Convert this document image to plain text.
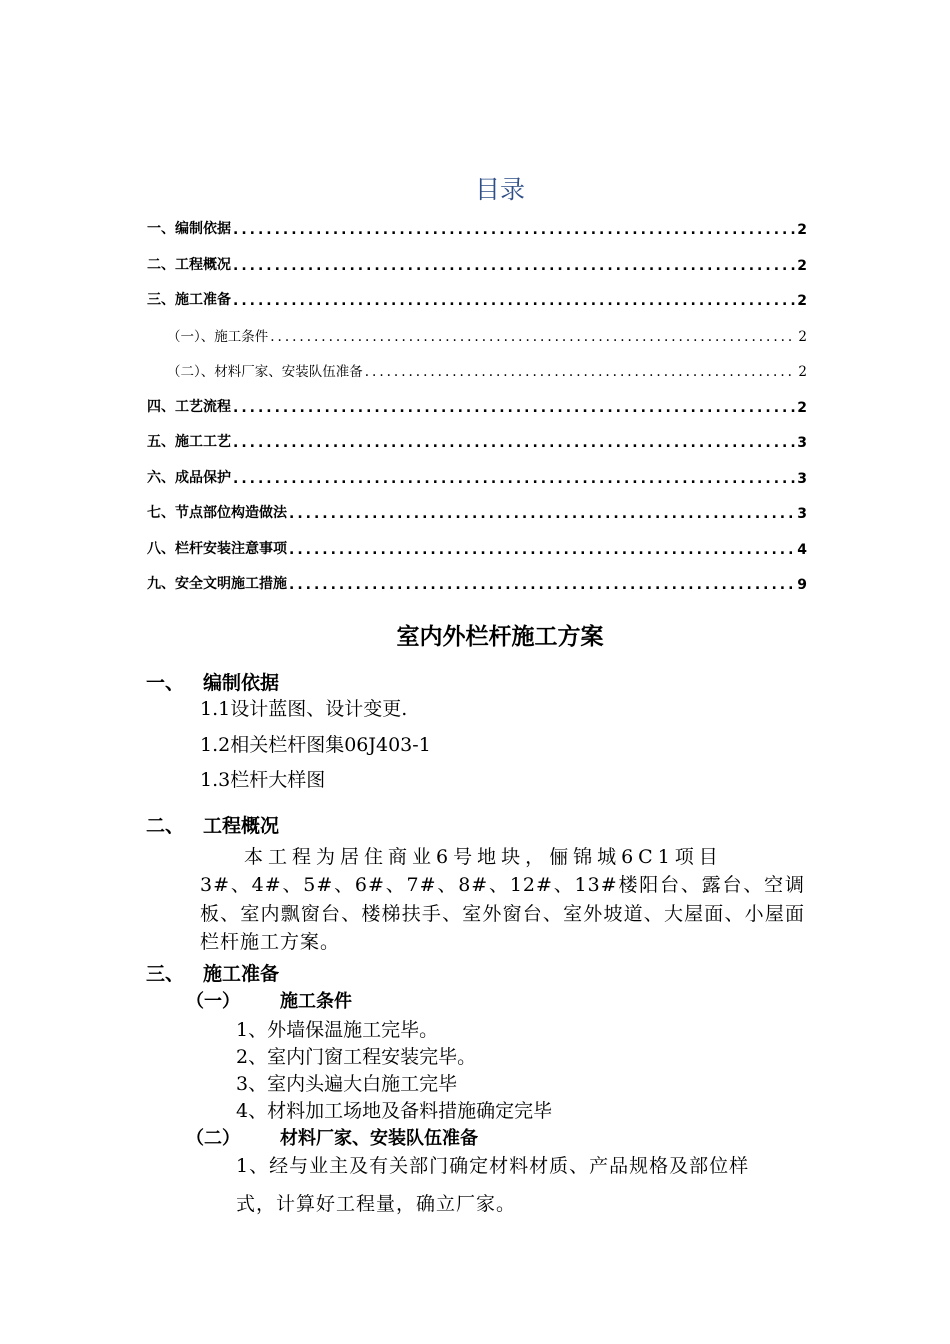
目录
一、编制依据 .....	2
二、工程概况 .....	2
三、施工准备 .....	2
（一）、施工条件 .....	2
（二）、材料厂家、安装队伍准备 .....	2
四、工艺流程 .....	2
五、施工工艺 .....	3
六、成品保护 .....	3
七、节点部位构造做法 .....	3
八、栏杆安装注意事项 .....	4
九、安全文明施工措施 .....	9
室内外栏杆施工方案
一、 编制依据
1.1设计蓝图、设计变更.
1.2相关栏杆图集06J403-1
1.3栏杆大样图
二、 工程概况
本工程为居住商业6号地块，俪锦城6C1项目
3#、4#、5#、6#、7#、8#、12#、13#楼阳台、露台、空调板、室内飘窗台、楼梯扶手、室外窗台、室外坡道、大屋面、小屋面栏杆施工方案。
三、 施工准备
（一） 施工条件
1、外墙保温施工完毕。
2、室内门窗工程安装完毕。
3、室内头遍大白施工完毕
4、材料加工场地及备料措施确定完毕
（二） 材料厂家、安装队伍准备
1、经与业主及有关部门确定材料材质、产品规格及部位样
式，计算好工程量，确立厂家。
